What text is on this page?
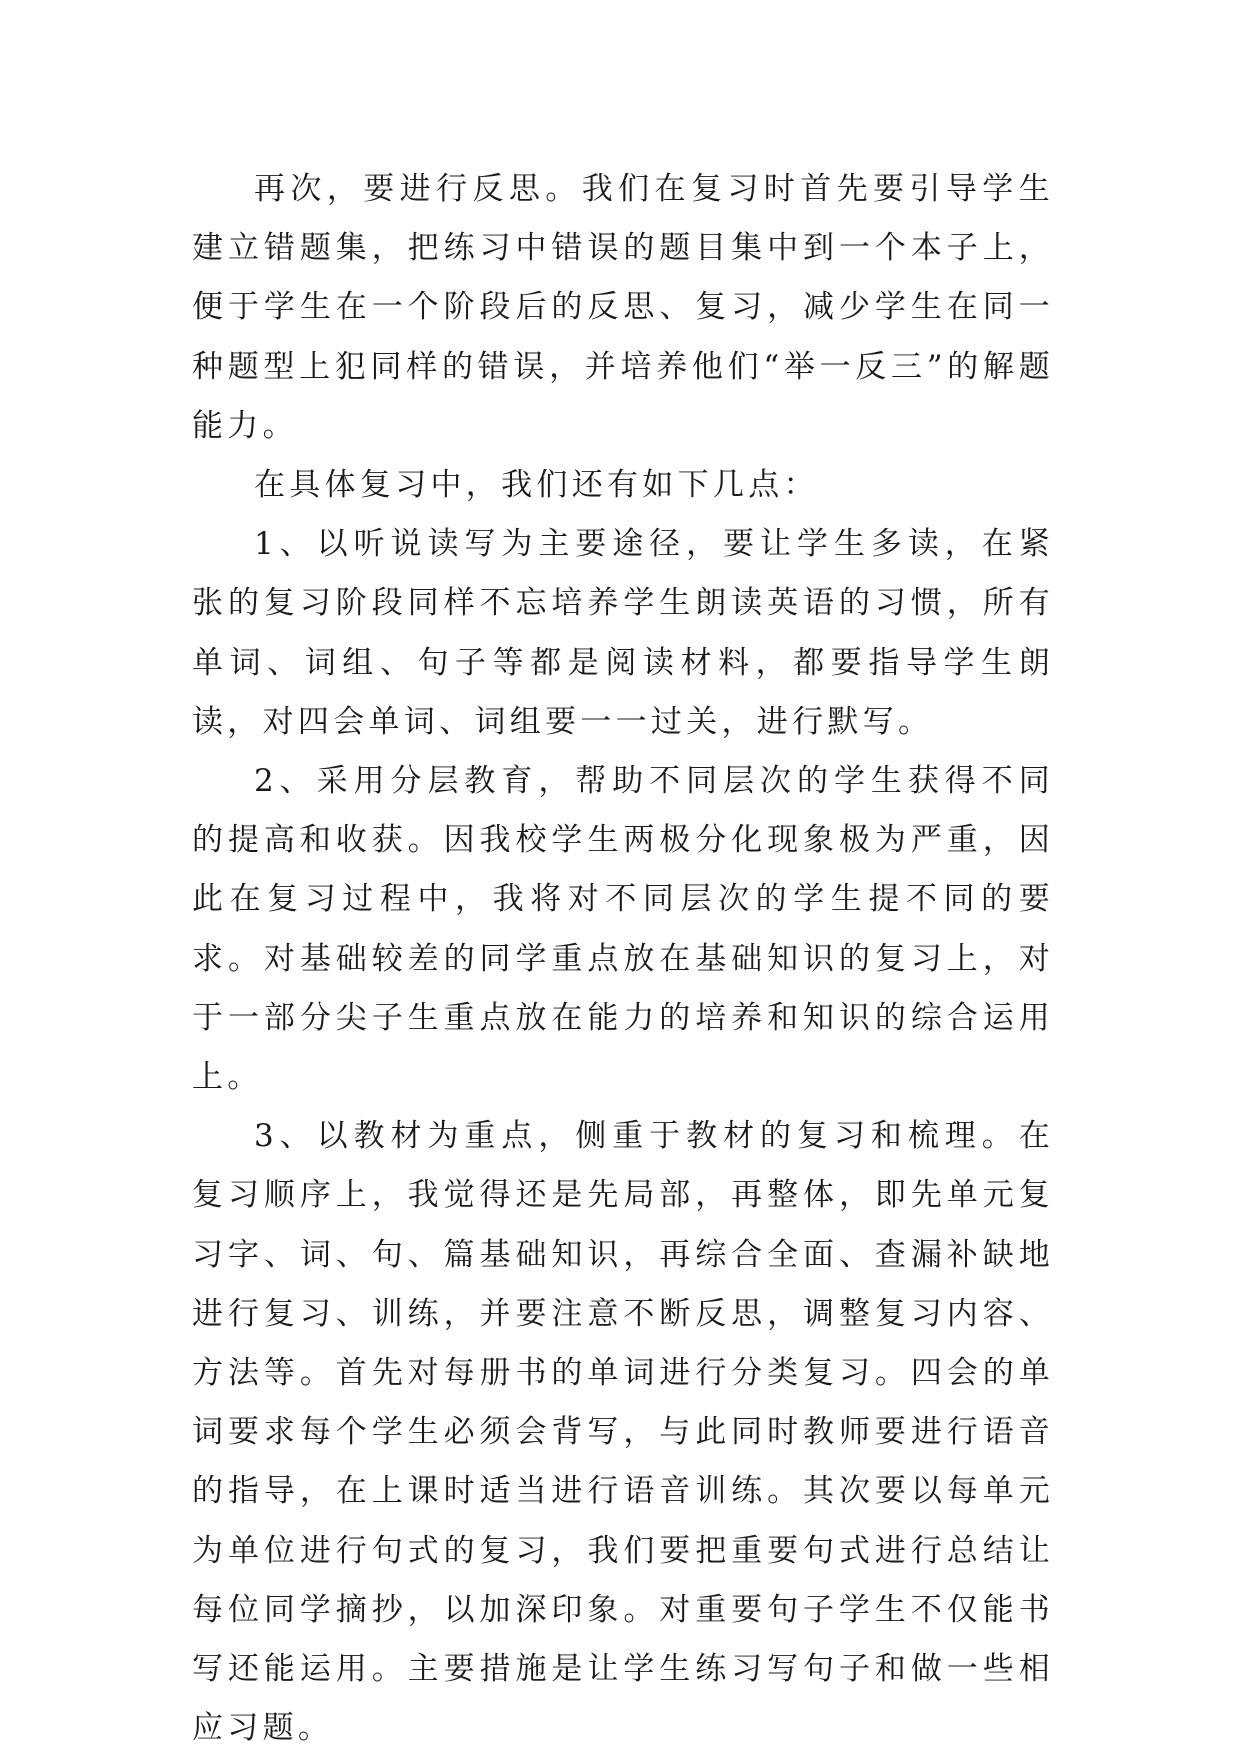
再次，要进行反思。我们在复习时首先要引导学生建立错题集，把练习中错误的题目集中到一个本子上，便于学生在一个阶段后的反思、复习，减少学生在同一种题型上犯同样的错误，并培养他们“举一反三”的解题能力。

在具体复习中，我们还有如下几点：

1、以听说读写为主要途径，要让学生多读，在紧张的复习阶段同样不忘培养学生朗读英语的习惯，所有单词、词组、句子等都是阅读材料，都要指导学生朗读，对四会单词、词组要一一过关，进行默写。

2、采用分层教育，帮助不同层次的学生获得不同的提高和收获。因我校学生两极分化现象极为严重，因此在复习过程中，我将对不同层次的学生提不同的要求。对基础较差的同学重点放在基础知识的复习上，对于一部分尖子生重点放在能力的培养和知识的综合运用上。

3、以教材为重点，侧重于教材的复习和梳理。在复习顺序上，我觉得还是先局部，再整体，即先单元复习字、词、句、篇基础知识，再综合全面、查漏补缺地进行复习、训练，并要注意不断反思，调整复习内容、方法等。首先对每册书的单词进行分类复习。四会的单词要求每个学生必须会背写，与此同时教师要进行语音的指导，在上课时适当进行语音训练。其次要以每单元为单位进行句式的复习，我们要把重要句式进行总结让每位同学摘抄，以加深印象。对重要句子学生不仅能书写还能运用。主要措施是让学生练习写句子和做一些相应习题。
